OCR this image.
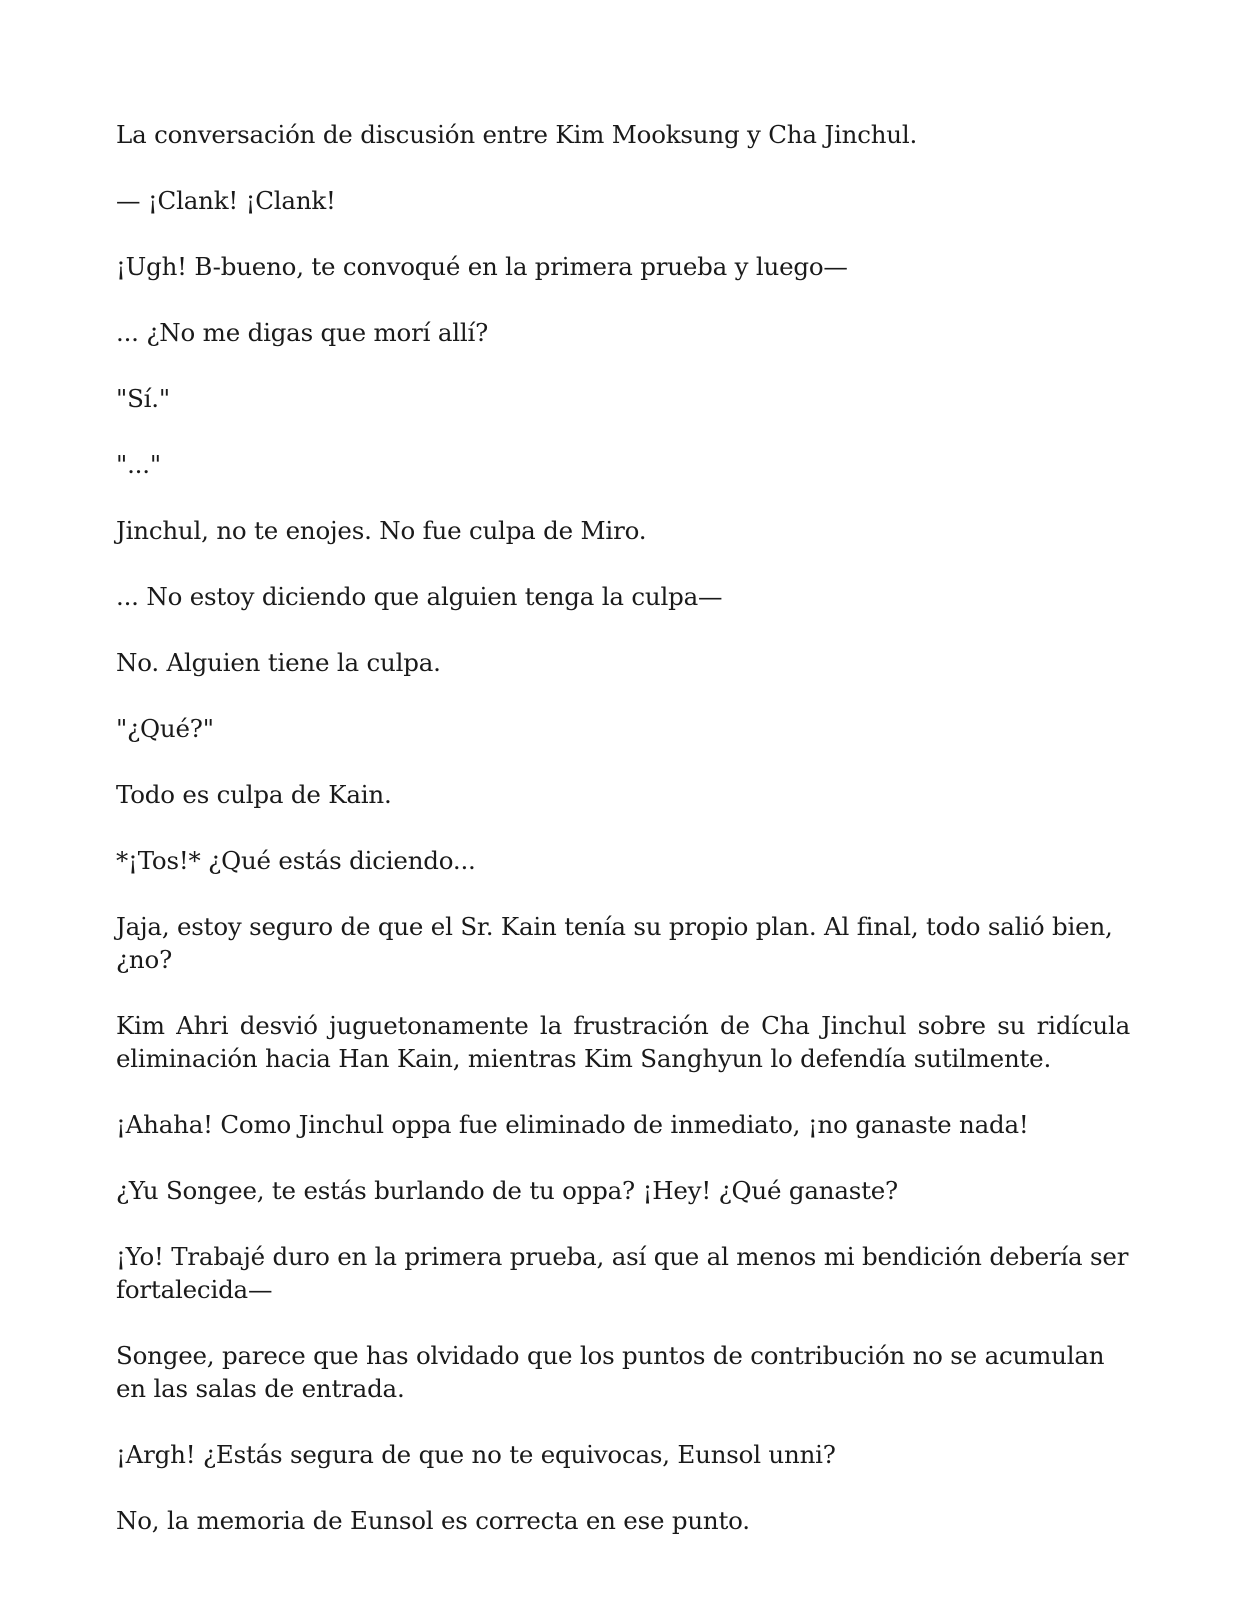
La conversación de discusión entre Kim Mooksung y Cha Jinchul.

— ¡Clank! ¡Clank!

¡Ugh! B-bueno, te convoqué en la primera prueba y luego—

... ¿No me digas que morí allí?

"Sí."

"..."

Jinchul, no te enojes. No fue culpa de Miro.

... No estoy diciendo que alguien tenga la culpa—

No. Alguien tiene la culpa.

"¿Qué?"

Todo es culpa de Kain.

*¡Tos!* ¿Qué estás diciendo...

Jaja, estoy seguro de que el Sr. Kain tenía su propio plan. Al final, todo salió bien, ¿no?

Kim Ahri desvió juguetonamente la frustración de Cha Jinchul sobre su ridícula eliminación hacia Han Kain, mientras Kim Sanghyun lo defendía sutilmente.

¡Ahaha! Como Jinchul oppa fue eliminado de inmediato, ¡no ganaste nada!

¿Yu Songee, te estás burlando de tu oppa? ¡Hey! ¿Qué ganaste?

¡Yo! Trabajé duro en la primera prueba, así que al menos mi bendición debería ser fortalecida—

Songee, parece que has olvidado que los puntos de contribución no se acumulan en las salas de entrada.

¡Argh! ¿Estás segura de que no te equivocas, Eunsol unni?

No, la memoria de Eunsol es correcta en ese punto.
